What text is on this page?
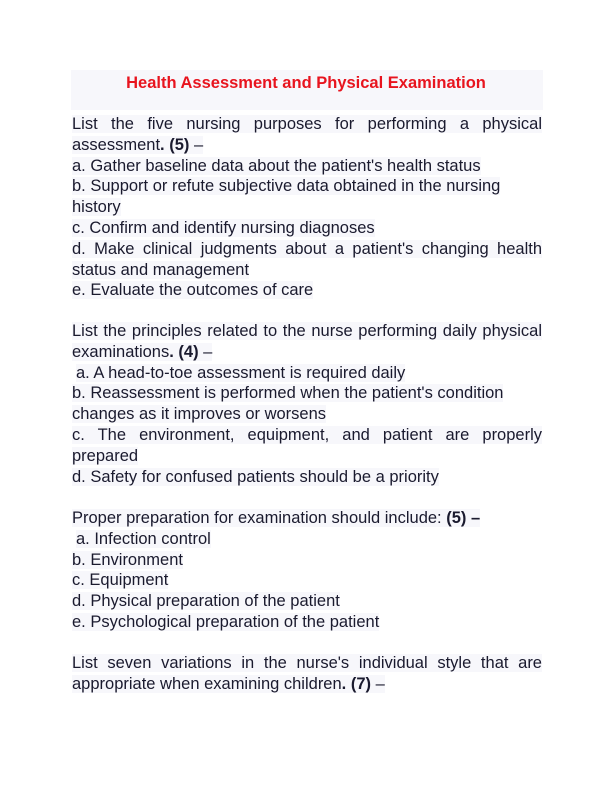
Health Assessment and Physical Examination

List the five nursing purposes for performing a physical assessment. (5) –

a. Gather baseline data about the patient's health status

b. Support or refute subjective data obtained in the nursing history

c. Confirm and identify nursing diagnoses

d. Make clinical judgments about a patient's changing health status and management

e. Evaluate the outcomes of care

List the principles related to the nurse performing daily physical examinations. (4) –

a. A head-to-toe assessment is required daily

b. Reassessment is performed when the patient's condition changes as it improves or worsens

c. The environment, equipment, and patient are properly prepared

d. Safety for confused patients should be a priority

Proper preparation for examination should include: (5) –

a. Infection control

b. Environment

c. Equipment

d. Physical preparation of the patient

e. Psychological preparation of the patient

List seven variations in the nurse's individual style that are appropriate when examining children. (7) –
